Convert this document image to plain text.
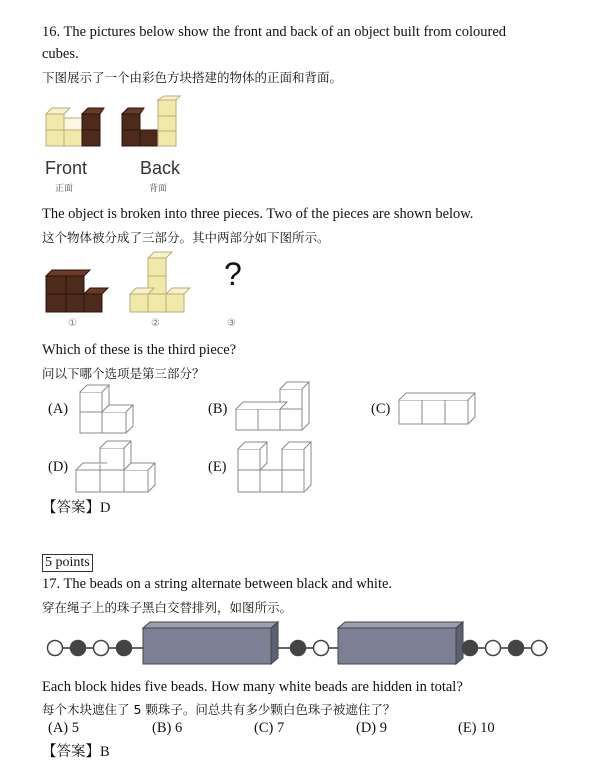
16. The pictures below show the front and back of an object built from coloured
cubes.
下图展示了一个由彩色方块搭建的物体的正面和背面。
Front
正面
Back
背面
The object is broken into three pieces. Two of the pieces are shown below.
这个物体被分成了三部分。其中两部分如下图所示。
?
①	②	③
Which of these is the third piece?
问以下哪个选项是第三部分？
(A)	(B)	(C)
(D)	(E)
【答案】D
5 points
17. The beads on a string alternate between black and white.
穿在绳子上的珠子黑白交替排列，如图所示。
Each block hides five beads. How many white beads are hidden in total?
每个木块遮住了 5 颗珠子。问总共有多少颗白色珠子被遮住了？
(A) 5	(B) 6	(C) 7	(D) 9	(E) 10
【答案】B
